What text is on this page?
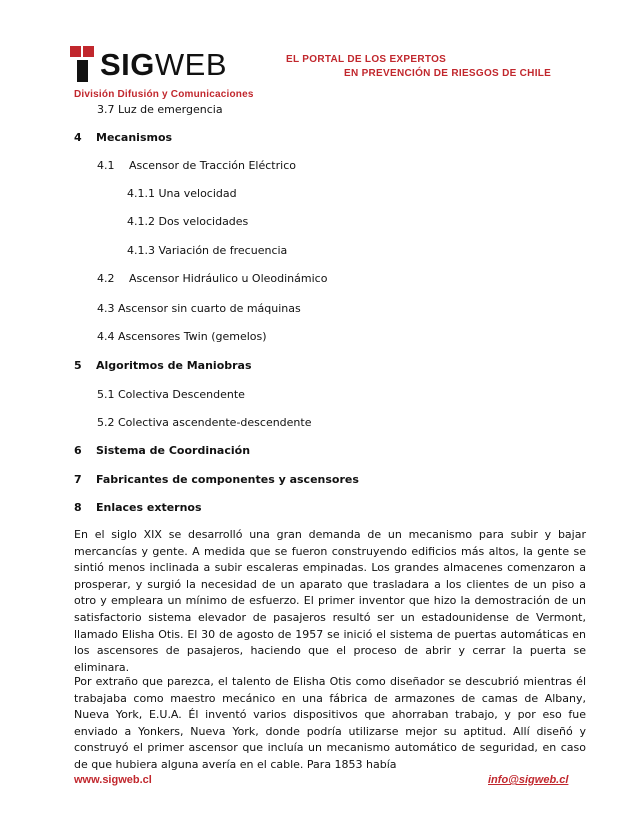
SIGWEB	EL PORTAL DE LOS EXPERTOS
EN PREVENCIÓN DE RIESGOS DE CHILE
División Difusión y Comunicaciones
3.7 Luz de emergencia
4 Mecanismos
4.1 Ascensor de Tracción Eléctrico
4.1.1 Una velocidad
4.1.2 Dos velocidades
4.1.3 Variación de frecuencia
4.2 Ascensor Hidráulico u Oleodinámico
4.3 Ascensor sin cuarto de máquinas
4.4 Ascensores Twin (gemelos)
5 Algoritmos de Maniobras
5.1 Colectiva Descendente
5.2 Colectiva ascendente-descendente
6 Sistema de Coordinación
7 Fabricantes de componentes y ascensores
8 Enlaces externos
En el siglo XIX se desarrolló una gran demanda de un mecanismo para subir y bajar mercancías y gente. A medida que se fueron construyendo edificios más altos, la gente se sintió menos inclinada a subir escaleras empinadas. Los grandes almacenes comenzaron a prosperar, y surgió la necesidad de un aparato que trasladara a los clientes de un piso a otro y empleara un mínimo de esfuerzo. El primer inventor que hizo la demostración de un satisfactorio sistema elevador de pasajeros resultó ser un estadounidense de Vermont, llamado Elisha Otis. El 30 de agosto de 1957 se inició el sistema de puertas automáticas en los ascensores de pasajeros, haciendo que el proceso de abrir y cerrar la puerta se eliminara.
Por extraño que parezca, el talento de Elisha Otis como diseñador se descubrió mientras él trabajaba como maestro mecánico en una fábrica de armazones de camas de Albany, Nueva York, E.U.A. Él inventó varios dispositivos que ahorraban trabajo, y por eso fue enviado a Yonkers, Nueva York, donde podría utilizarse mejor su aptitud. Allí diseñó y construyó el primer ascensor que incluía un mecanismo automático de seguridad, en caso de que hubiera alguna avería en el cable. Para 1853 había
www.sigweb.cl	info@sigweb.cl
